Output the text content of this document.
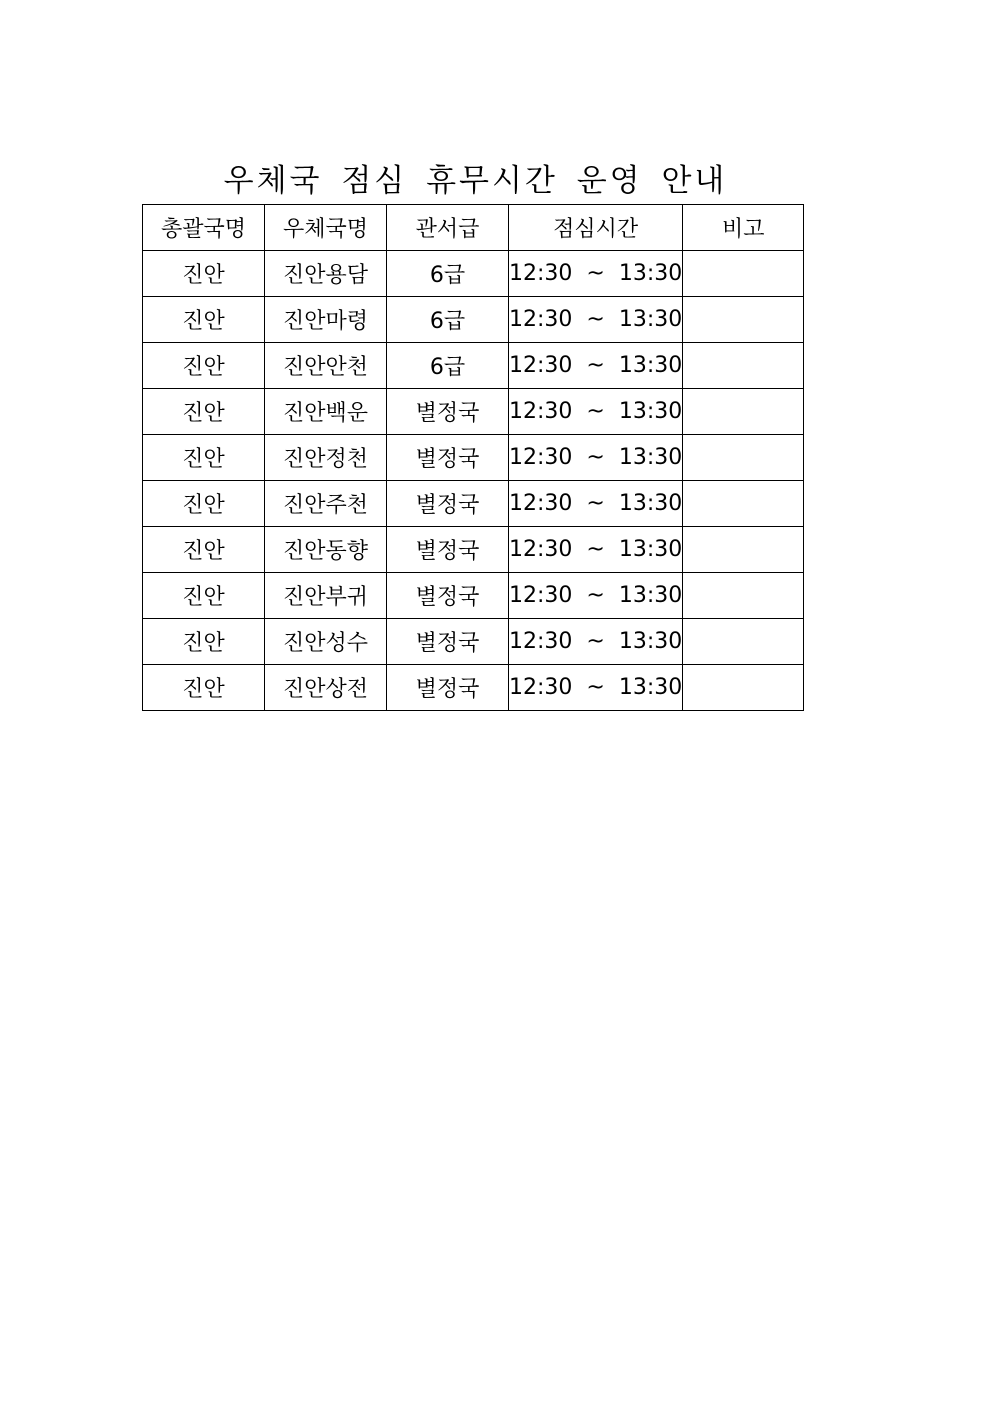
우체국 점심 휴무시간 운영 안내
총괄국명	우체국명	관서급	점심시간	비고
진안	진안용담	6급	12:30 ~ 13:30	
진안	진안마령	6급	12:30 ~ 13:30	
진안	진안안천	6급	12:30 ~ 13:30	
진안	진안백운	별정국	12:30 ~ 13:30	
진안	진안정천	별정국	12:30 ~ 13:30	
진안	진안주천	별정국	12:30 ~ 13:30	
진안	진안동향	별정국	12:30 ~ 13:30	
진안	진안부귀	별정국	12:30 ~ 13:30	
진안	진안성수	별정국	12:30 ~ 13:30	
진안	진안상전	별정국	12:30 ~ 13:30	
